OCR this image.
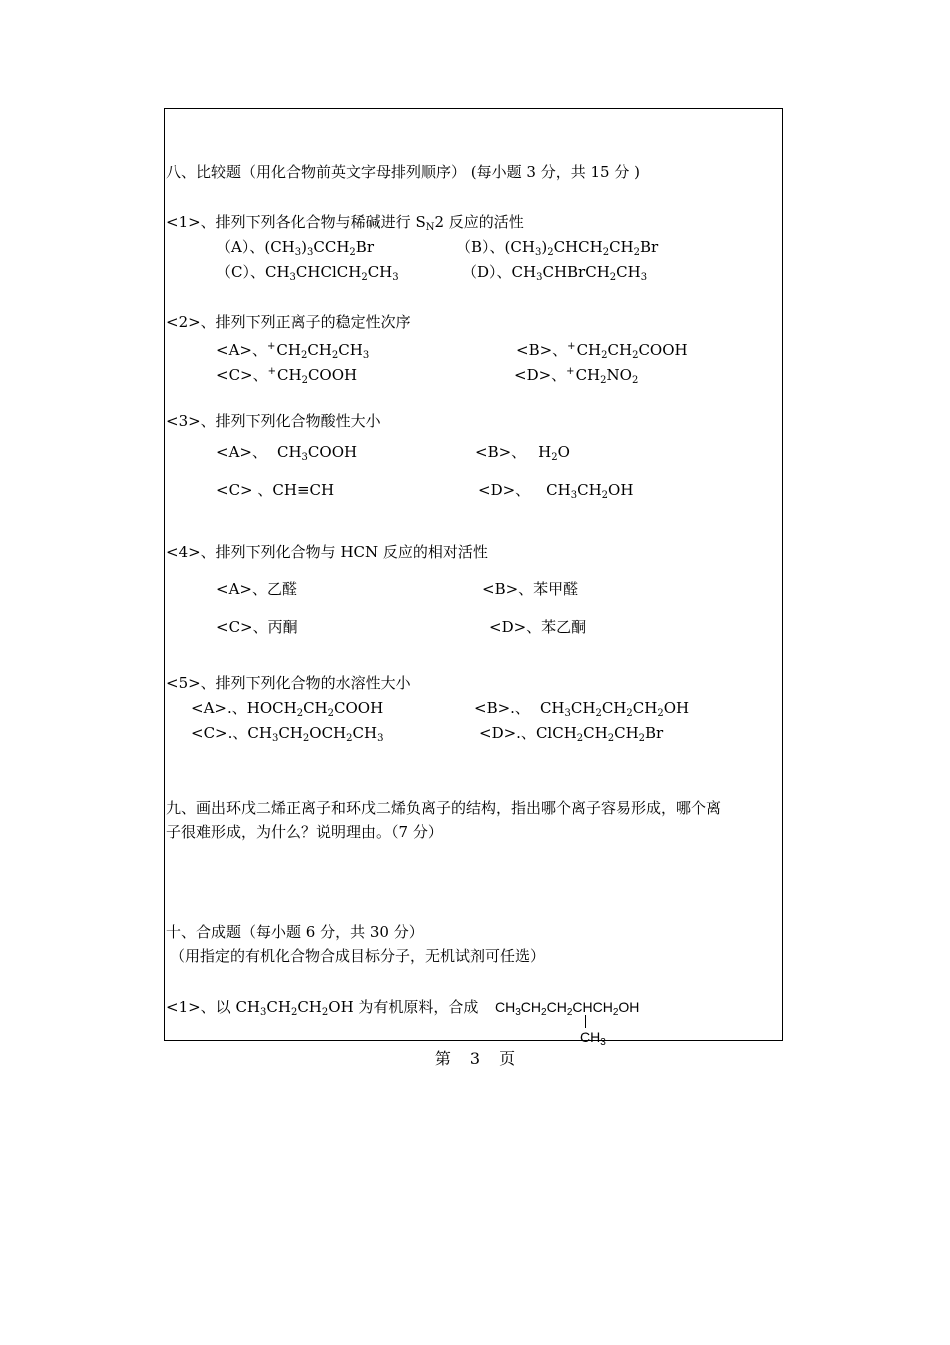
八、比较题（用化合物前英文字母排列顺序） (每小题 3 分，共 15 分 )
<1>、排列下列各化合物与稀碱进行 $S_N2$ 反应的活性
（A）、$(CH_3)_3CCH_2Br$	（B）、$(CH_3)_2CHCH_2CH_2Br$
（C）、$CH_3CHClCH_2CH_3$	（D）、$CH_3CHBrCH_2CH_3$
<2>、排列下列正离子的稳定性次序
<A>、$^+CH_2CH_2CH_3$	<B>、$^+CH_2CH_2COOH$
<C>、$^+CH_2COOH$	<D>、$^+CH_2NO_2$
<3>、排列下列化合物酸性大小
<A>、 $CH_3COOH$	<B>、 $H_2O$
<C> 、CH≡CH	<D>、 $CH_3CH_2OH$
<4>、排列下列化合物与 HCN 反应的相对活性
<A>、乙醛	<B>、苯甲醛
<C>、丙酮	<D>、苯乙酮
<5>、排列下列化合物的水溶性大小
<A>.、$HOCH_2CH_2COOH$	<B>.、 $CH_3CH_2CH_2CH_2OH$
<C>.、$CH_3CH_2OCH_2CH_3$	<D>.、$ClCH_2CH_2CH_2Br$
九、画出环戊二烯正离子和环戊二烯负离子的结构，指出哪个离子容易形成，哪个离
子很难形成，为什么？说明理由。（7 分）
十、合成题（每小题 6 分，共 30 分）
（用指定的有机化合物合成目标分子，无机试剂可任选）
<1>、以 $CH_3CH_2CH_2OH$ 为有机原料，合成 $CH_3CH_2CH_2CHCH_2OH$
$CH_3$
第 3 页
